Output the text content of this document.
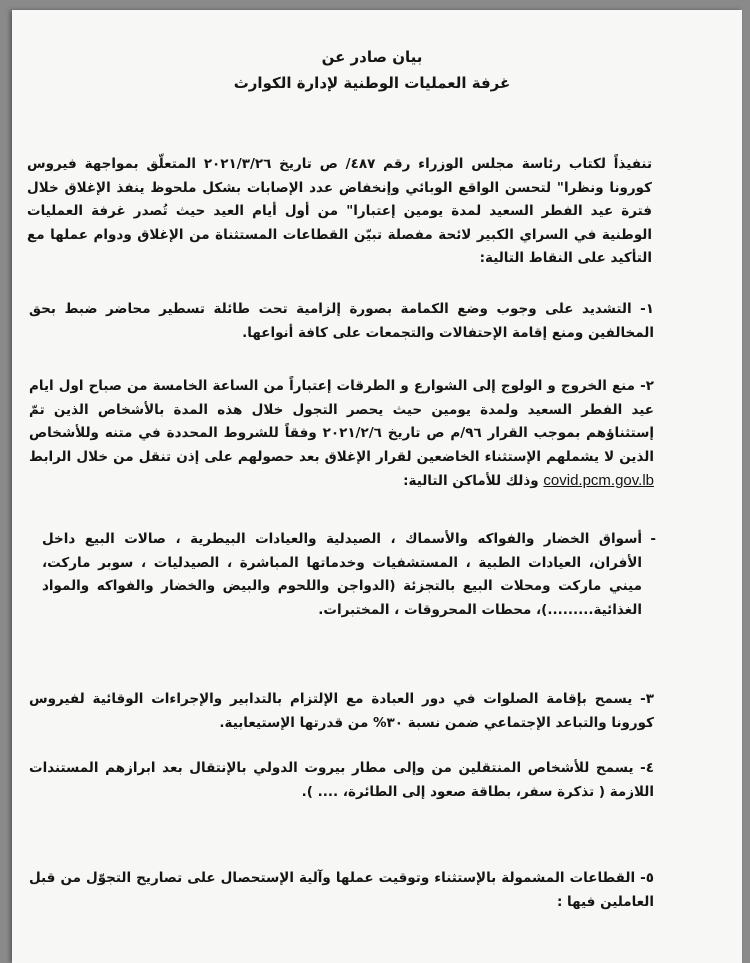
بيان صادر عن
غرفة العمليات الوطنية لإدارة الكوارث
تنفيذاً لكتاب رئاسة مجلس الوزراء رقم ٤٨٧/ ص تاريخ ٢٠٢١/٣/٢٦ المتعلّق بمواجهة فيروس كورونا ونظرا" لتحسن الواقع الوبائي وإنخفاض عدد الإصابات بشكل ملحوظ ينفذ الإغلاق خلال فترة عيد الفطر السعيد لمدة يومين إعتبارا" من أول أيام العيد حيث تُصدر غرفة العمليات الوطنية في السراي الكبير لائحة مفصلة تبيّن القطاعات المستثناة من الإغلاق ودوام عملها مع التأكيد على النقاط التالية:
١- التشديد على وجوب وضع الكمامة بصورة إلزامية تحت طائلة تسطير محاضر ضبط بحق المخالفين ومنع إقامة الإحتفالات والتجمعات على كافة أنواعها.
٢- منع الخروج و الولوج إلى الشوارع و الطرقات إعتباراً من الساعة الخامسة من صباح اول ايام عيد الفطر السعيد ولمدة يومين حيث يحصر التجول خلال هذه المدة بالأشخاص الذين تمّ إستثناؤهم بموجب القرار ٩٦/م ص تاريخ ٢٠٢١/٢/٦ وفقاً للشروط المحددة في متنه وللأشخاص الذين لا يشملهم الإستثناء الخاضعين لقرار الإغلاق بعد حصولهم على إذن تنقل من خلال الرابط covid.pcm.gov.lb وذلك للأماكن التالية:
-
أسواق الخضار والفواكه والأسماك ، الصيدلية والعيادات البيطرية ، صالات البيع داخل الأفران، العيادات الطبية ، المستشفيات وخدماتها المباشرة ، الصيدليات ، سوبر ماركت، ميني ماركت ومحلات البيع بالتجزئة (الدواجن واللحوم والبيض والخضار والفواكه والمواد الغذائية.........)، محطات المحروقات ، المختبرات.
٣- يسمح بإقامة الصلوات في دور العبادة مع الإلتزام بالتدابير والإجراءات الوقائية لفيروس كورونا والتباعد الإجتماعي ضمن نسبة ٣٠% من قدرتها الإستيعابية.
٤- يسمح للأشخاص المنتقلين من وإلى مطار بيروت الدولي بالإنتقال بعد ابرازهم المستندات اللازمة ( تذكرة سفر، بطاقة صعود إلى الطائرة، .... ).
٥- القطاعات المشمولة بالإستثناء وتوقيت عملها وآلية الإستحصال على تصاريح التجوّل من قبل العاملين فيها :
